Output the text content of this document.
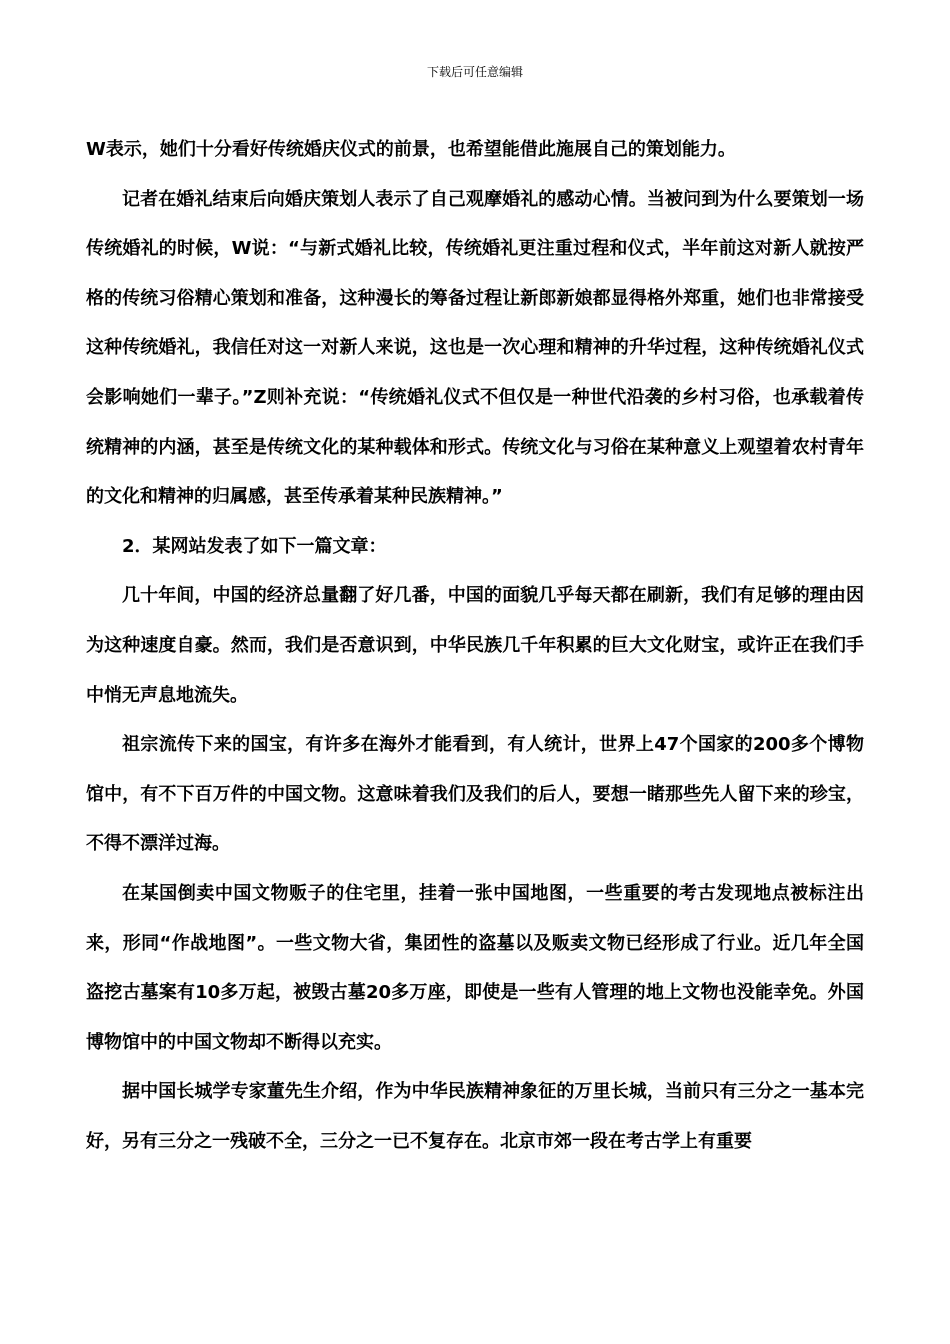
下载后可任意编辑

W表示，她们十分看好传统婚庆仪式的前景，也希望能借此施展自己的策划能力。

记者在婚礼结束后向婚庆策划人表示了自己观摩婚礼的感动心情。当被问到为什么要策划一场传统婚礼的时候，W说：“与新式婚礼比较，传统婚礼更注重过程和仪式，半年前这对新人就按严格的传统习俗精心策划和准备，这种漫长的筹备过程让新郎新娘都显得格外郑重，她们也非常接受这种传统婚礼，我信任对这一对新人来说，这也是一次心理和精神的升华过程，这种传统婚礼仪式会影响她们一辈子。”Z则补充说：“传统婚礼仪式不但仅是一种世代沿袭的乡村习俗，也承载着传统精神的内涵，甚至是传统文化的某种载体和形式。传统文化与习俗在某种意义上观望着农村青年的文化和精神的归属感，甚至传承着某种民族精神。”

2．某网站发表了如下一篇文章：

几十年间，中国的经济总量翻了好几番，中国的面貌几乎每天都在刷新，我们有足够的理由因为这种速度自豪。然而，我们是否意识到，中华民族几千年积累的巨大文化财宝，或许正在我们手中悄无声息地流失。

祖宗流传下来的国宝，有许多在海外才能看到，有人统计，世界上47个国家的200多个博物馆中，有不下百万件的中国文物。这意味着我们及我们的后人，要想一睹那些先人留下来的珍宝，不得不漂洋过海。

在某国倒卖中国文物贩子的住宅里，挂着一张中国地图，一些重要的考古发现地点被标注出来，形同“作战地图”。一些文物大省，集团性的盗墓以及贩卖文物已经形成了行业。近几年全国盗挖古墓案有10多万起，被毁古墓20多万座，即使是一些有人管理的地上文物也没能幸免。外国博物馆中的中国文物却不断得以充实。

据中国长城学专家董先生介绍，作为中华民族精神象征的万里长城，当前只有三分之一基本完好，另有三分之一残破不全，三分之一已不复存在。北京市郊一段在考古学上有重要
